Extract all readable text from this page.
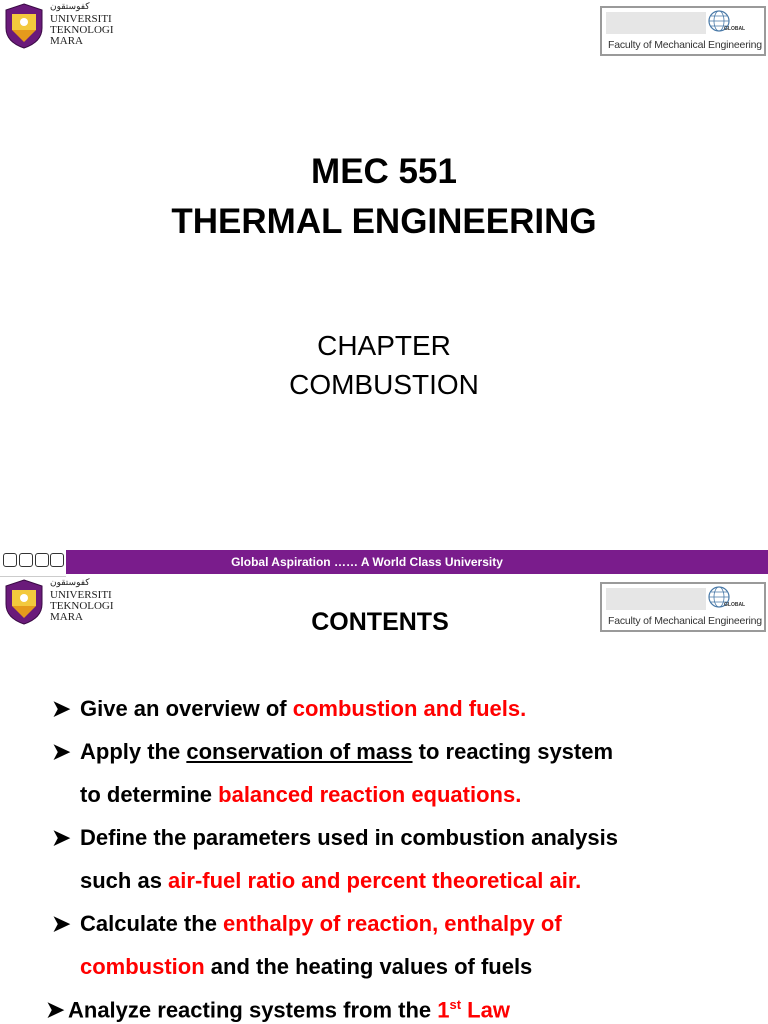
ﻛﻔﻮﺳﺘﻘﻮﻥ
UNIVERSITI
TEKNOLOGI
MARA
GLOBAL
Faculty of Mechanical Engineering
MEC 551
THERMAL ENGINEERING
CHAPTER
COMBUSTION
Global Aspiration …… A World Class University
ﻛﻔﻮﺳﺘﻘﻮﻥ
UNIVERSITI
TEKNOLOGI
MARA
GLOBAL
Faculty of Mechanical Engineering
CONTENTS
➤ Give an overview of combustion and fuels.
➤ Apply the conservation of mass to reacting system
to determine balanced reaction equations.
➤ Define the parameters used in combustion analysis
such as air-fuel ratio and percent theoretical air.
➤ Calculate the enthalpy of reaction, enthalpy of
combustion and the heating values of fuels
➤ Analyze reacting systems from the 1st Law
